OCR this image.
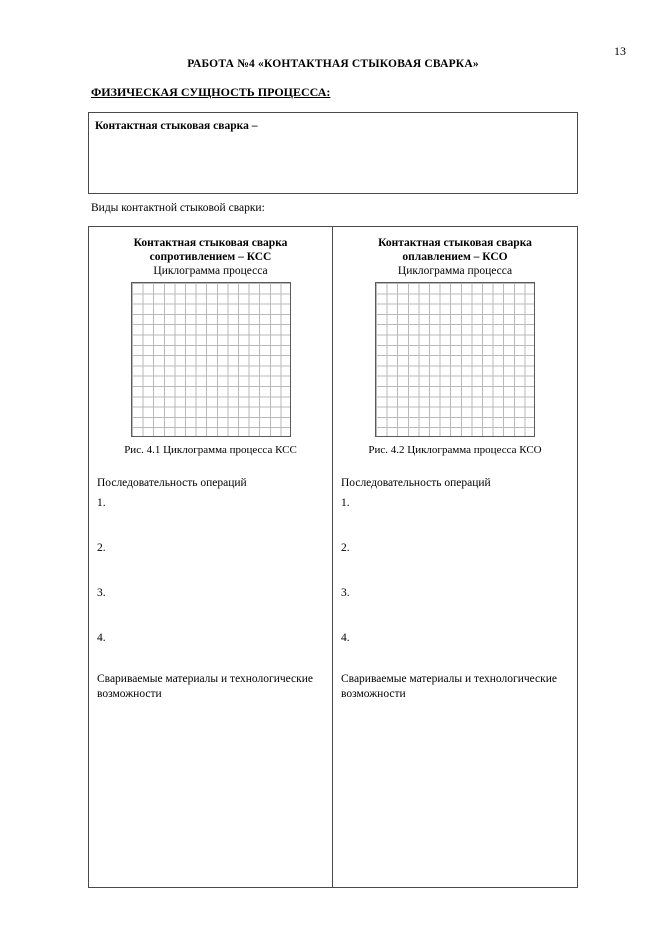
13
РАБОТА №4 «КОНТАКТНАЯ СТЫКОВАЯ СВАРКА»
ФИЗИЧЕСКАЯ СУЩНОСТЬ ПРОЦЕССА:
Контактная стыковая сварка –
Виды контактной стыковой сварки:
Контактная стыковая сварка
сопротивлением – КСС
Циклограмма процесса
Рис. 4.1 Циклограмма процесса КСС
Последовательность операций
1.
2.
3.
4.
Свариваемые материалы и технологические возможности
Контактная стыковая сварка
оплавлением – КСО
Циклограмма процесса
Рис. 4.2 Циклограмма процесса КСО
Последовательность операций
1.
2.
3.
4.
Свариваемые материалы и технологические возможности
